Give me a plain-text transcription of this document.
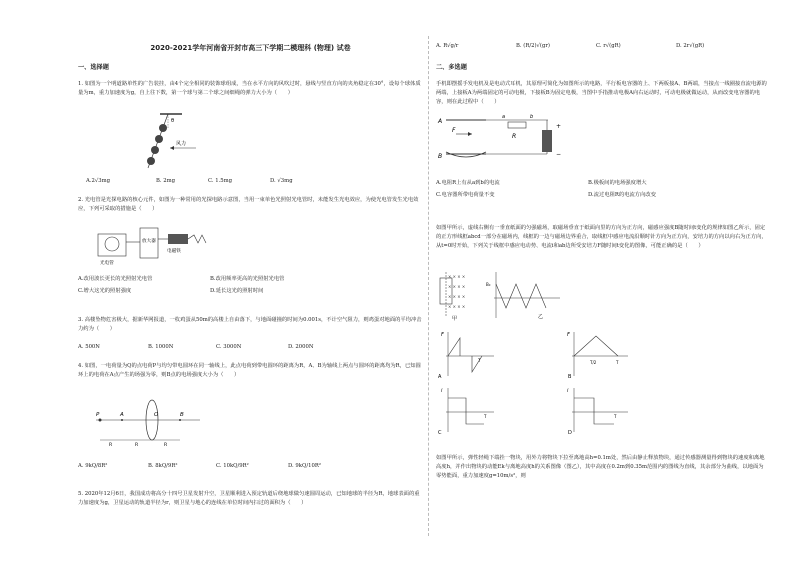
2020-2021学年河南省开封市高三下学期二模理科 (物理) 试卷
一、选择题
1. 如图为一个明道路单性的广告装挂，由4个完全相同的装饰球组成，当在水平方向的风吹过时，悬线与竖直方向的夹角稳定在30°，设每个球体质量为m，重力加速度为g，自上往下数，第一个球与第二个球之间细绳的弹力大小为（　　）
θ
风力
A.2√3mg	B. 2mg	C. 1.5mg	D. √3mg
2. 光电管是光探电路的核心元件，如图为一种常用的光探电路示意图，当用一束单色光照射光电管时，未能发生光电效应，为使光电管发生光电效应，下列可采取的措施是（　　）
放大器
电磁铁
光电管
A.改用波长更长的光照射光电管	B.改用频率更高的光照射光电管
C.增大这光的照射强度	D.延长这光的照射时间
3. 高楼坠物危害极大，据新华网报道，一枚鸡蛋从50m的高楼上自由落下，与地面碰撞的时间为0.001s，不计空气阻力，则鸡蛋对地面的平均冲击力约为（　　）
A. 500N	B. 1000N	C. 3000N	D. 2000N
4. 如图，一电荷量为Q的点电荷P与均匀带电圆环在同一轴线上，此点电荷到带电圆环的距离为R，A、B为轴线上两点与圆环的距离均为R，已知圆环上的电荷在A点产生的场强为零，则B点的电场强度大小为（　　）
P	A	O	B
R	R	R
A. 9kQ/8R²	B. 8kQ/9R²	C. 10kQ/9R²	D. 9kQ/10R²
5. 2020年12月6日，我国成功将高分十四号卫星发射升空，卫星顺利进入预定轨道后绕地球做匀速圆周运动，已知地球的半径为R，地球表面的重力加速度为g，卫星运动的轨道半径为r，则卫星与地心的连线在单位时间内扫过的面积为（　　）
A. R√g/r	B. (R/2)√(gr)	C. r√(gR)	D. 2r√(gR)
二、多选题
手机即摆摇手发电机及是电动式耳机，其原理可简化为如图所示的电路，平行板电容器的上、下两板接A、B两端，当接点一线圈接直流电源的两端，上接板A为两端固定的可动电极，下接板B为固定电极，当图中手指推动电极A向右运动时，可动电极就做运动，从而改变电容器的电容，则在此过程中（　　）
F
A
B
R
a	b
+
−
A.电阻R上有从a到b的电流	B.极板间的电场强度增大
C.电容器所带电荷量不变	D.流过电阻R的电流方向改变
如图甲所示，虚线右侧有一垂直纸面的匀强磁场，取磁场垂直于纸面向里的方向为正方向，磁感应强度B随时间t变化的规律如图乙所示，固定的正方形线框abcd一部分在磁场内，线框的一边与磁场边界重合，取线框中感应电流沿顺时针方向为正方向，安培力的方向以向右为正方向，从t=0时开始，下列关于线框中感应电动势、电流i和ab边所受安培力F随时间t变化的图像，可能正确的是（　　）
× × × ×
× × × ×
× × × ×
× × × ×
甲
B₀
乙
A
F
T
B
F
T/2	T
C
i
T
D
i
T
如图甲所示，弹性轻绳下端拴一物块，用外力将物块下拉至离地高h=0.1m处，然后由静止释放物块，通过传感器测量得到物块的速度和离地高度h，并作出物块的动能Ek与离地高度h的关系图像（图乙），其中高度在0.2m到0.35m范围内的图线为直线，其余部分为曲线，以地面为零势能面，重力加速度g=10m/s²，则
